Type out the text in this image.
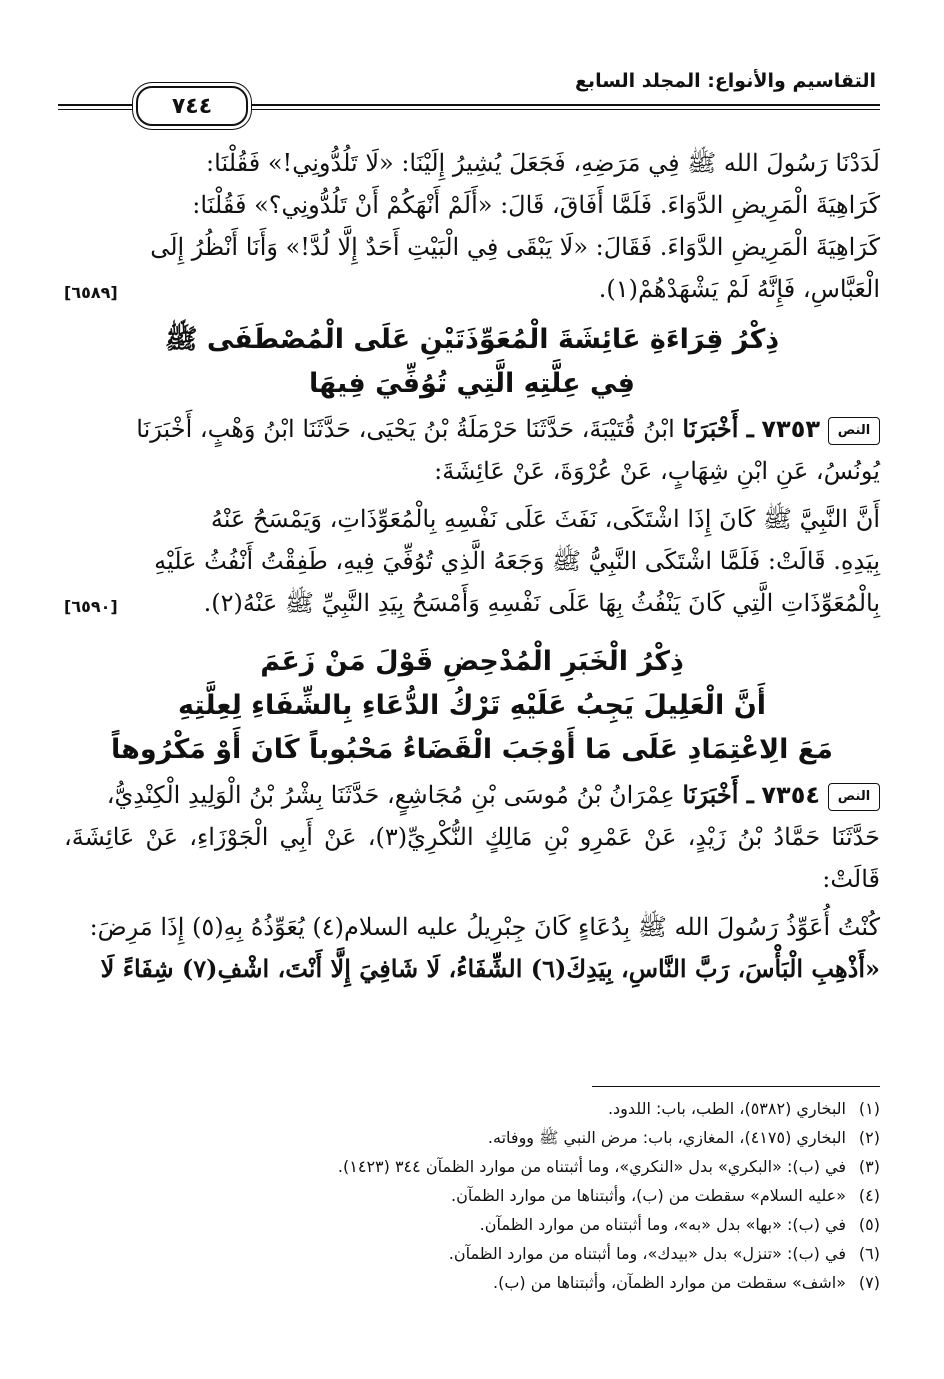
التقاسيم والأنواع: المجلد السابع
٧٤٤

لَدَدْنَا رَسُولَ الله ﷺ فِي مَرَضِهِ، فَجَعَلَ يُشِيرُ إِلَيْنَا: «لَا تَلُدُّونِي!» فَقُلْنَا:
كَرَاهِيَةَ الْمَرِيضِ الدَّوَاءَ. فَلَمَّا أَفَاقَ، قَالَ: «أَلَمْ أَنْهَكُمْ أَنْ تَلُدُّونِي؟» فَقُلْنَا:
كَرَاهِيَةَ الْمَرِيضِ الدَّوَاءَ. فَقَالَ: «لَا يَبْقَى فِي الْبَيْتِ أَحَدٌ إِلَّا لُدَّ!» وَأَنَا أَنْظُرُ إِلَى
الْعَبَّاسِ، فَإِنَّهُ لَمْ يَشْهَدْهُمْ(١).
[٦٥٨٩]

ذِكْرُ قِرَاءَةِ عَائِشَةَ الْمُعَوِّذَتَيْنِ عَلَى الْمُصْطَفَى ﷺ
فِي عِلَّتِهِ الَّتِي تُوُفِّيَ فِيهَا

النص٧٣٥٣ ـ أَخْبَرَنَا ابْنُ قُتَيْبَةَ، حَدَّثَنَا حَرْمَلَةُ بْنُ يَحْيَى، حَدَّثَنَا ابْنُ وَهْبٍ، أَخْبَرَنَا
يُونُسُ، عَنِ ابْنِ شِهَابٍ، عَنْ عُرْوَةَ، عَنْ عَائِشَةَ:

أَنَّ النَّبِيَّ ﷺ كَانَ إِذَا اشْتَكَى، نَفَثَ عَلَى نَفْسِهِ بِالْمُعَوِّذَاتِ، وَيَمْسَحُ عَنْهُ
بِيَدِهِ. قَالَتْ: فَلَمَّا اشْتَكَى النَّبِيُّ ﷺ وَجَعَهُ الَّذِي تُوُفِّيَ فِيهِ، طَفِقْتُ أَنْفُثُ عَلَيْهِ
بِالْمُعَوِّذَاتِ الَّتِي كَانَ يَنْفُثُ بِهَا عَلَى نَفْسِهِ وَأَمْسَحُ بِيَدِ النَّبِيِّ ﷺ عَنْهُ(٢).
[٦٥٩٠]

ذِكْرُ الْخَبَرِ الْمُدْحِضِ قَوْلَ مَنْ زَعَمَ
أَنَّ الْعَلِيلَ يَجِبُ عَلَيْهِ تَرْكُ الدُّعَاءِ بِالشِّفَاءِ لِعِلَّتِهِ
مَعَ الِاعْتِمَادِ عَلَى مَا أَوْجَبَ الْقَضَاءُ مَحْبُوباً كَانَ أَوْ مَكْرُوهاً

النص٧٣٥٤ ـ أَخْبَرَنَا عِمْرَانُ بْنُ مُوسَى بْنِ مُجَاشِعٍ، حَدَّثَنَا بِشْرُ بْنُ الْوَلِيدِ الْكِنْدِيُّ،
حَدَّثَنَا حَمَّادُ بْنُ زَيْدٍ، عَنْ عَمْرِو بْنِ مَالِكٍ النُّكْرِيِّ(٣)، عَنْ أَبِي الْجَوْزَاءِ، عَنْ عَائِشَةَ، قَالَتْ:

كُنْتُ أُعَوِّذُ رَسُولَ الله ﷺ بِدُعَاءٍ كَانَ جِبْرِيلُ عليه السلام(٤) يُعَوِّذُهُ بِهِ(٥) إِذَا مَرِضَ:
«أَذْهِبِ الْبَأْسَ، رَبَّ النَّاسِ، بِيَدِكَ(٦) الشِّفَاءُ، لَا شَافِيَ إِلَّا أَنْتَ، اشْفِ(٧) شِفَاءً لَا

(١)البخاري (٥٣٨٢)، الطب، باب: اللدود.
(٢)البخاري (٤١٧٥)، المغازي، باب: مرض النبي ﷺ ووفاته.
(٣)في (ب): «البكري» بدل «النكري»، وما أثبتناه من موارد الظمآن ٣٤٤ (١٤٢٣).
(٤)«عليه السلام» سقطت من (ب)، وأثبتناها من موارد الظمآن.
(٥)في (ب): «بها» بدل «به»، وما أثبتناه من موارد الظمآن.
(٦)في (ب): «تنزل» بدل «بيدك»، وما أثبتناه من موارد الظمآن.
(٧)«اشف» سقطت من موارد الظمآن، وأثبتناها من (ب).
